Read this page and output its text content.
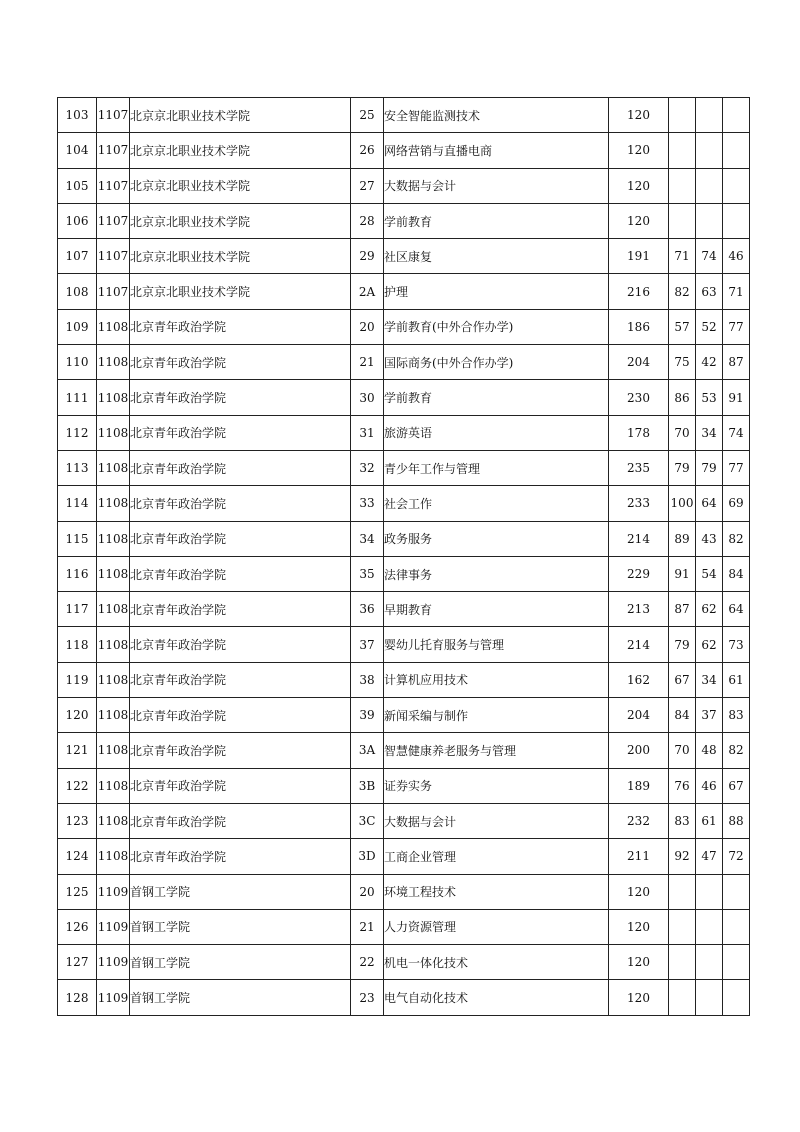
103	1107	北京京北职业技术学院	25	安全智能监测技术	120			
104	1107	北京京北职业技术学院	26	网络营销与直播电商	120			
105	1107	北京京北职业技术学院	27	大数据与会计	120			
106	1107	北京京北职业技术学院	28	学前教育	120			
107	1107	北京京北职业技术学院	29	社区康复	191	71	74	46
108	1107	北京京北职业技术学院	2A	护理	216	82	63	71
109	1108	北京青年政治学院	20	学前教育(中外合作办学)	186	57	52	77
110	1108	北京青年政治学院	21	国际商务(中外合作办学)	204	75	42	87
111	1108	北京青年政治学院	30	学前教育	230	86	53	91
112	1108	北京青年政治学院	31	旅游英语	178	70	34	74
113	1108	北京青年政治学院	32	青少年工作与管理	235	79	79	77
114	1108	北京青年政治学院	33	社会工作	233	100	64	69
115	1108	北京青年政治学院	34	政务服务	214	89	43	82
116	1108	北京青年政治学院	35	法律事务	229	91	54	84
117	1108	北京青年政治学院	36	早期教育	213	87	62	64
118	1108	北京青年政治学院	37	婴幼儿托育服务与管理	214	79	62	73
119	1108	北京青年政治学院	38	计算机应用技术	162	67	34	61
120	1108	北京青年政治学院	39	新闻采编与制作	204	84	37	83
121	1108	北京青年政治学院	3A	智慧健康养老服务与管理	200	70	48	82
122	1108	北京青年政治学院	3B	证券实务	189	76	46	67
123	1108	北京青年政治学院	3C	大数据与会计	232	83	61	88
124	1108	北京青年政治学院	3D	工商企业管理	211	92	47	72
125	1109	首钢工学院	20	环境工程技术	120			
126	1109	首钢工学院	21	人力资源管理	120			
127	1109	首钢工学院	22	机电一体化技术	120			
128	1109	首钢工学院	23	电气自动化技术	120			
